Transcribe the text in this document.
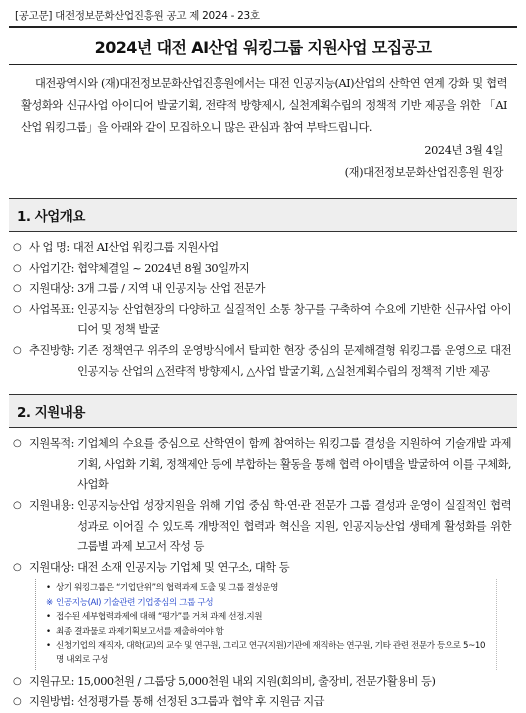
[공고문] 대전정보문화산업진흥원 공고 제 2024 - 23호
2024년 대전 AI산업 워킹그룹 지원사업 모집공고

대전광역시와 (재)대전정보문화산업진흥원에서는 대전 인공지능(AI)산업의 산학연 연계 강화 및 협력 활성화와 신규사업 아이디어 발굴기획, 전략적 방향제시, 실천계획수립의 정책적 기반 제공을 위한 「AI산업 워킹그룹」을 아래와 같이 모집하오니 많은 관심과 참여 부탁드립니다.

2024년 3월 4일
(재)대전정보문화산업진흥원 원장
1. 사업개요
○ 사 업 명 : 대전 AI산업 워킹그룹 지원사업
○ 사업기간 : 협약체결일 ~ 2024년 8월 30일까지
○ 지원대상 : 3개 그룹 / 지역 내 인공지능 산업 전문가
○ 사업목표 : 인공지능 산업현장의 다양하고 실질적인 소통 창구를 구축하여 수요에 기반한 신규사업 아이디어 및 정책 발굴
○ 추진방향 : 기존 정책연구 위주의 운영방식에서 탈피한 현장 중심의 문제해결형 워킹그룹 운영으로 대전 인공지능 산업의 △전략적 방향제시, △사업 발굴기획, △실천계획수립의 정책적 기반 제공
2. 지원내용
○ 지원목적 : 기업체의 수요를 중심으로 산학연이 함께 참여하는 워킹그룹 결성을 지원하여 기술개발 과제기획, 사업화 기획, 정책제안 등에 부합하는 활동을 통해 협력 아이템을 발굴하여 이를 구체화, 사업화
○ 지원내용 : 인공지능산업 성장지원을 위해 기업 중심 학·연·관 전문가 그룹 결성과 운영이 실질적인 협력성과로 이어질 수 있도록 개방적인 협력과 혁신을 지원, 인공지능산업 생태계 활성화를 위한 그룹별 과제 보고서 작성 등
○ 지원대상 : 대전 소재 인공지능 기업체 및 연구소, 대학 등
• 상기 워킹그룹은 “기업단위”의 협력과제 도출 및 그룹 결성운영
※ 인공지능(AI) 기술관련 기업중심의 그룹 구성
• 접수된 세부협력과제에 대해 “평가”를 거쳐 과제 선정.지원
• 최종 결과물로 과제기획보고서를 제출하여야 함
• 신청기업의 재직자, 대학(교)의 교수 및 연구원, 그리고 연구(지원)기관에 재직하는 연구원, 기타 관련 전문가 등으로 5~10명 내외로 구성
○ 지원규모 : 15,000천원 / 그룹당 5,000천원 내외 지원(회의비, 출장비, 전문가활용비 등)
○ 지원방법 : 선정평가를 통해 선정된 3그룹과 협약 후 지원금 지급
